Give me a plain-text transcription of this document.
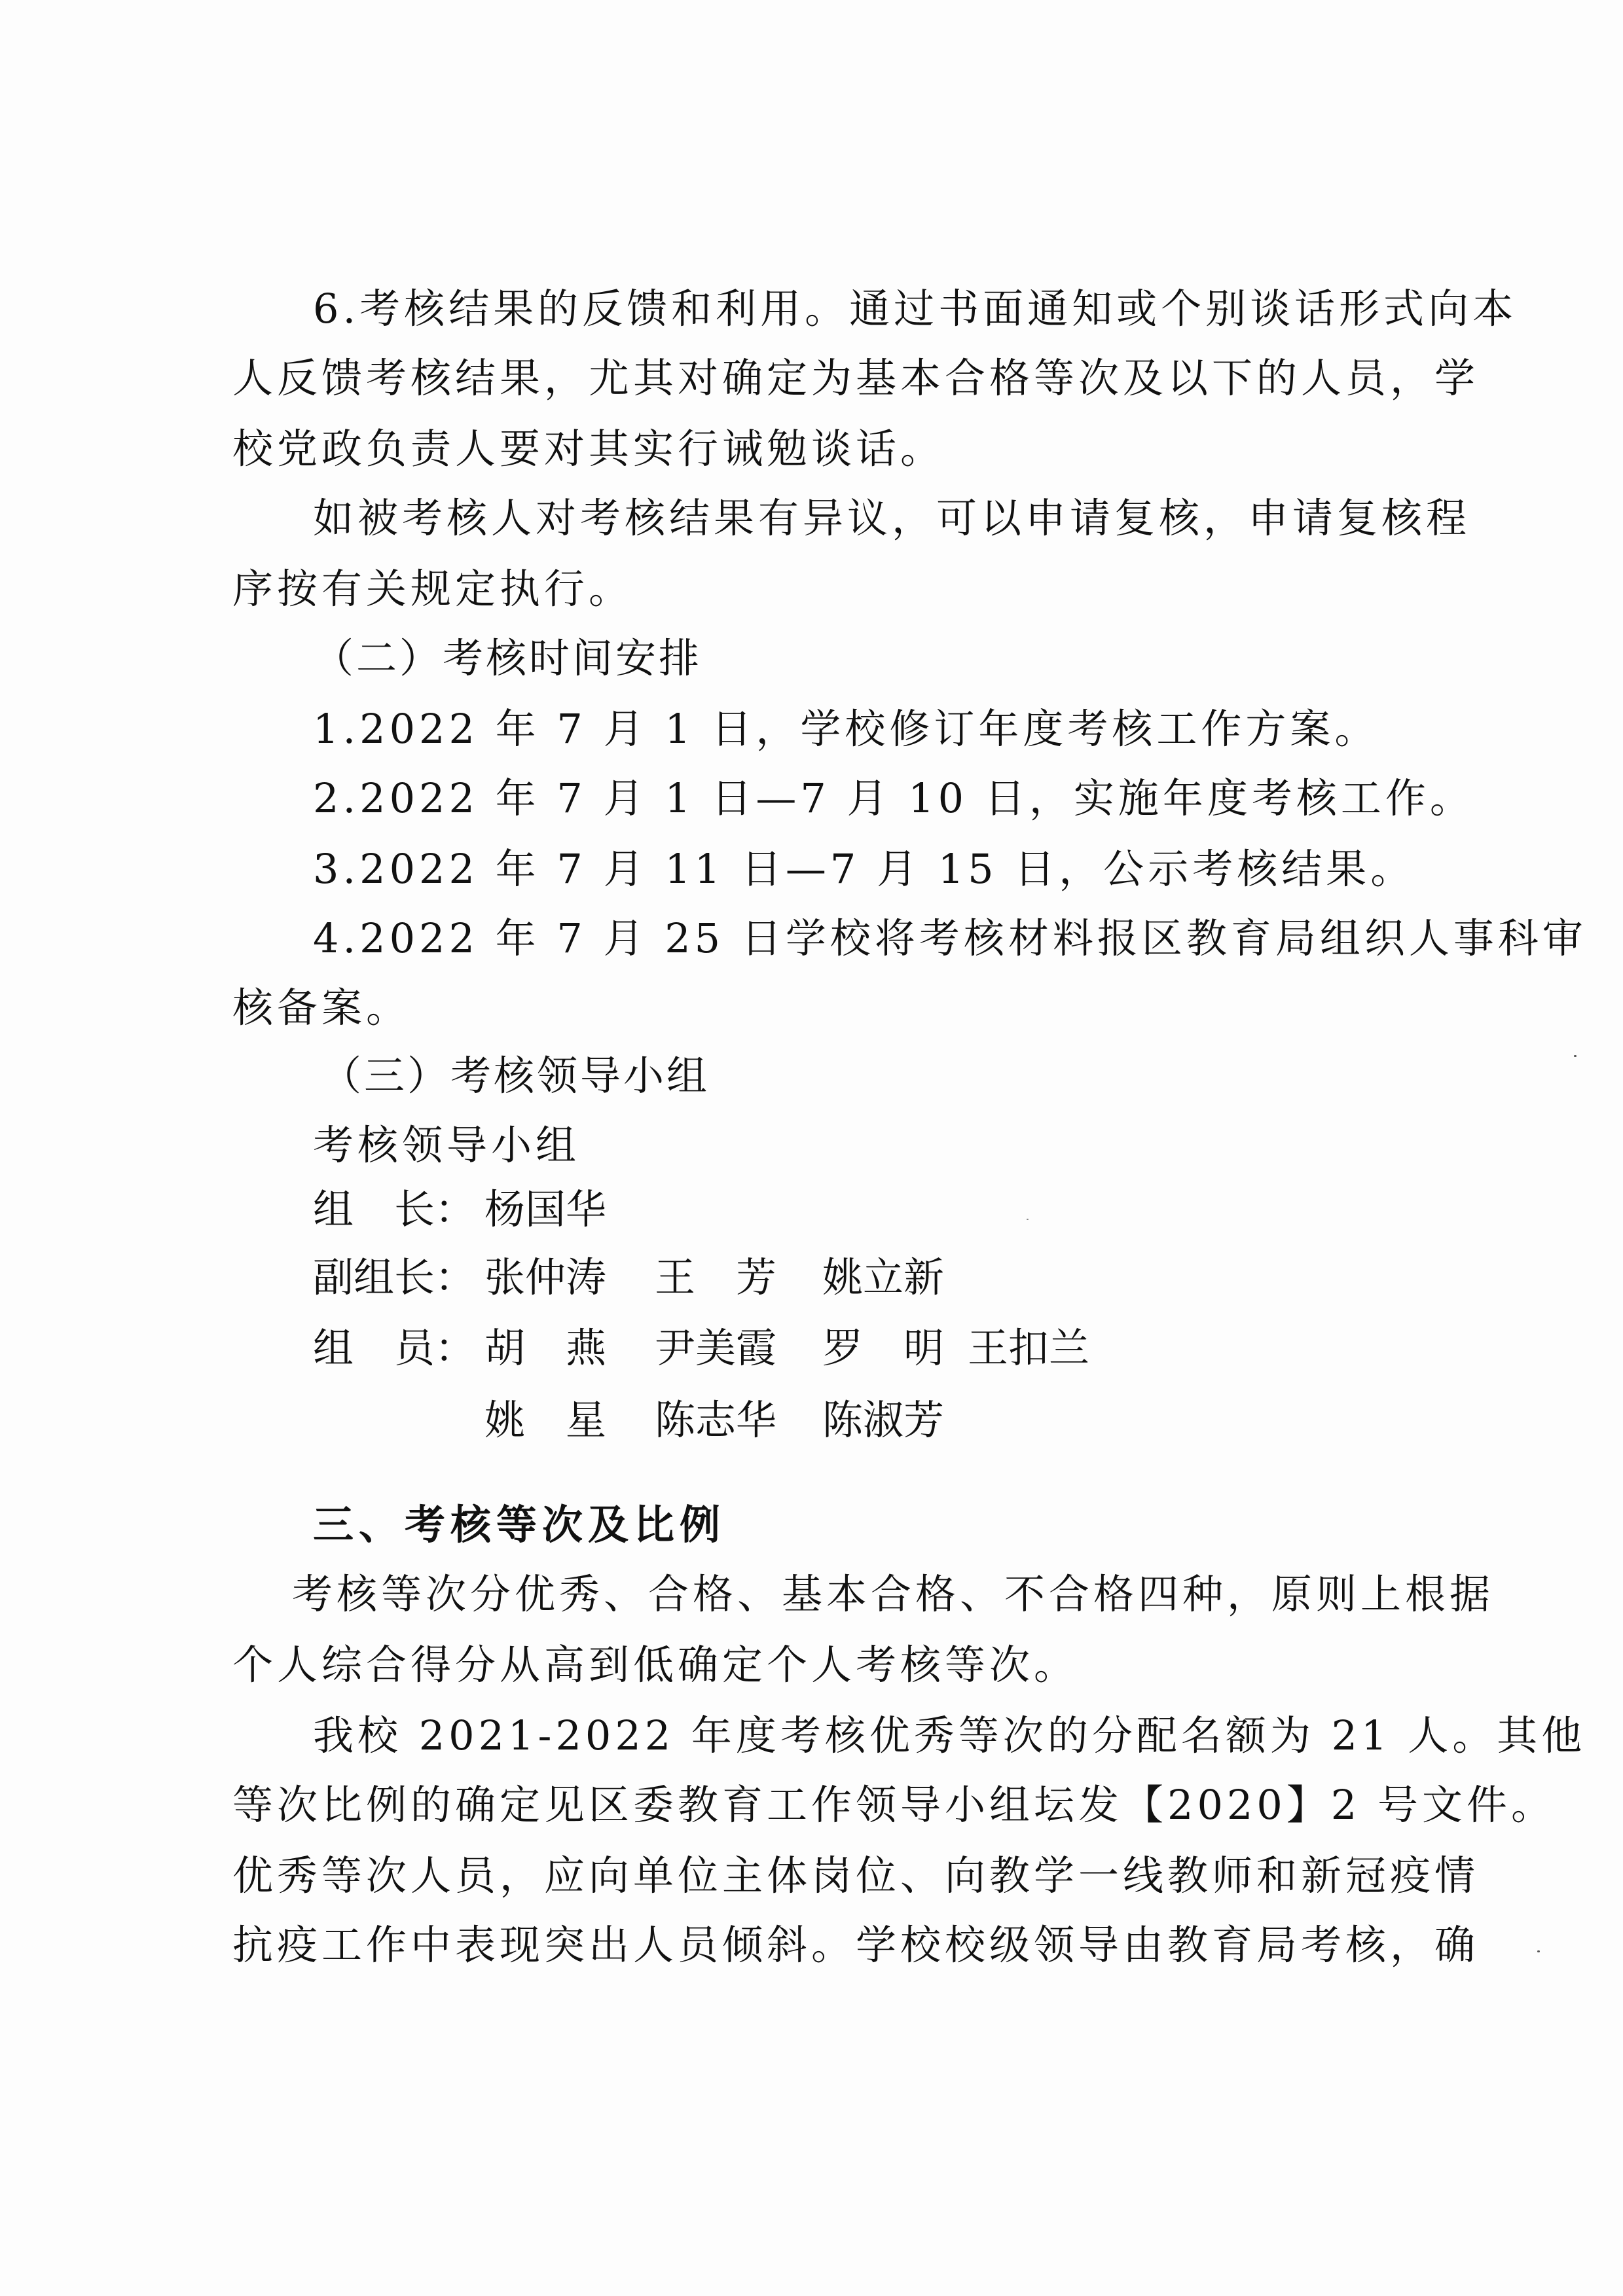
6.考核结果的反馈和利用。通过书面通知或个别谈话形式向本
人反馈考核结果，尤其对确定为基本合格等次及以下的人员，学
校党政负责人要对其实行诫勉谈话。
如被考核人对考核结果有异议，可以申请复核，申请复核程
序按有关规定执行。
（二）考核时间安排
1.2022 年 7 月 1 日，学校修订年度考核工作方案。
2.2022 年 7 月 1 日—7 月 10 日，实施年度考核工作。
3.2022 年 7 月 11 日—7 月 15 日，公示考核结果。
4.2022 年 7 月 25 日学校将考核材料报区教育局组织人事科审
核备案。
（三）考核领导小组
考核领导小组
组　长： 杨国华
副组长： 张仲涛 王　芳 姚立新
组　员： 胡　燕 尹美霞 罗　明 王扣兰
姚　星 陈志华 陈淑芳
三、考核等次及比例
考核等次分优秀、合格、基本合格、不合格四种，原则上根据
个人综合得分从高到低确定个人考核等次。
我校 2021-2022 年度考核优秀等次的分配名额为 21 人。其他
等次比例的确定见区委教育工作领导小组坛发【2020】2 号文件。
优秀等次人员，应向单位主体岗位、向教学一线教师和新冠疫情
抗疫工作中表现突出人员倾斜。学校校级领导由教育局考核，确
